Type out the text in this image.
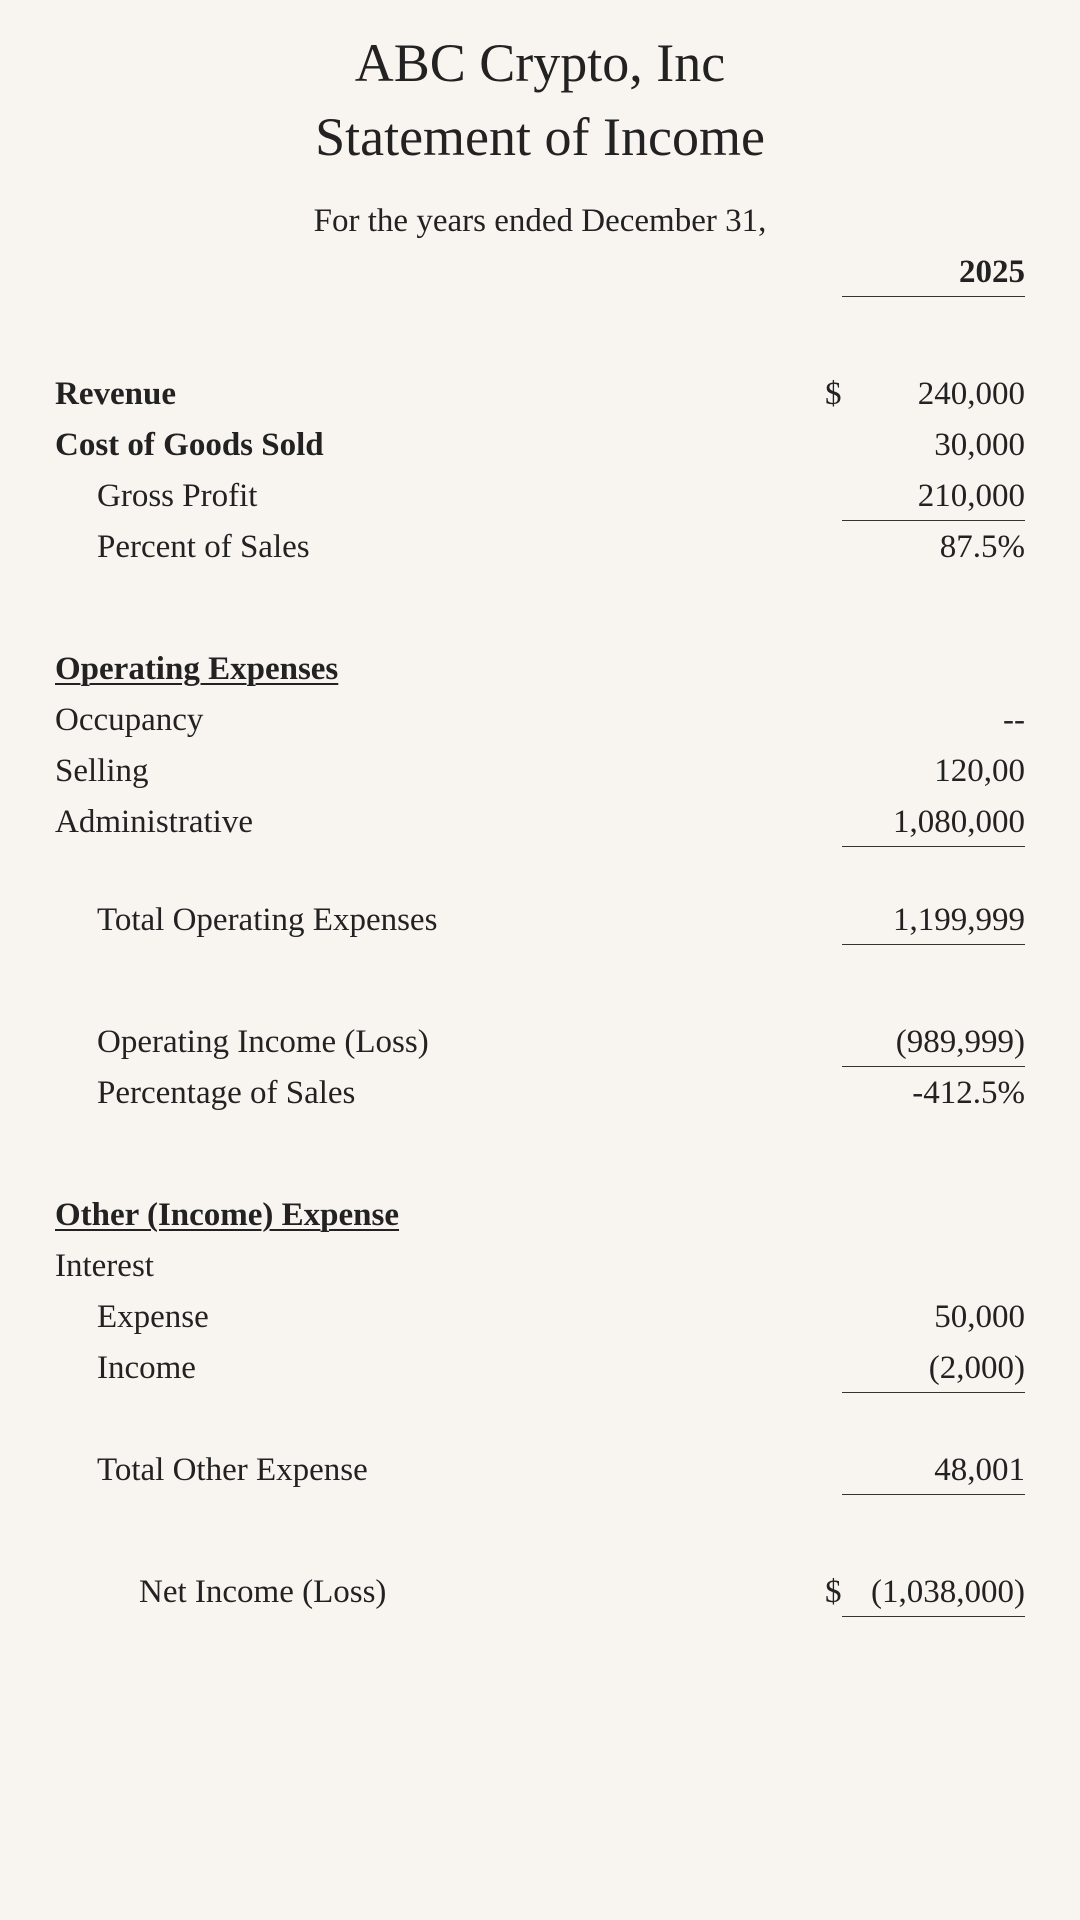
ABC Crypto, Inc
Statement of Income
For the years ended December 31,
2025
Revenue	$	240,000
Cost of Goods Sold	30,000
Gross Profit	210,000
Percent of Sales	87.5%
Operating Expenses
Occupancy	--
Selling	120,00
Administrative	1,080,000
Total Operating Expenses	1,199,999
Operating Income (Loss)	(989,999)
Percentage of Sales	-412.5%
Other (Income) Expense
Interest
Expense	50,000
Income	(2,000)
Total Other Expense	48,001
Net Income (Loss)	$ (1,038,000)
